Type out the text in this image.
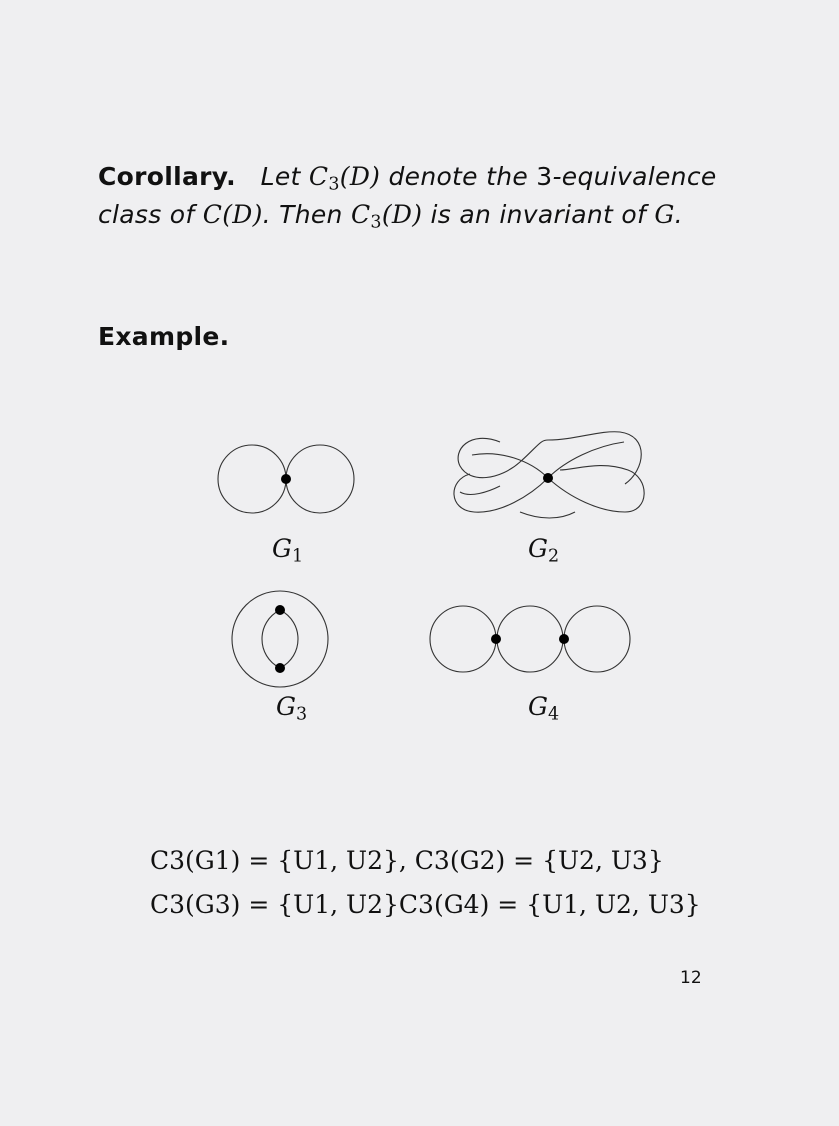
Corollary. Let $C_3(D)$ denote the 3-equivalence class of C(D). Then $C_3(D)$ is an invariant of G.
Example.
$G_1$	$G_2$
$G_3$	$G_4$
C3(G1) = {U1, U2}, C3(G2) = {U2, U3}
C3(G3) = {U1, U2}C3(G4) = {U1, U2, U3}
12
